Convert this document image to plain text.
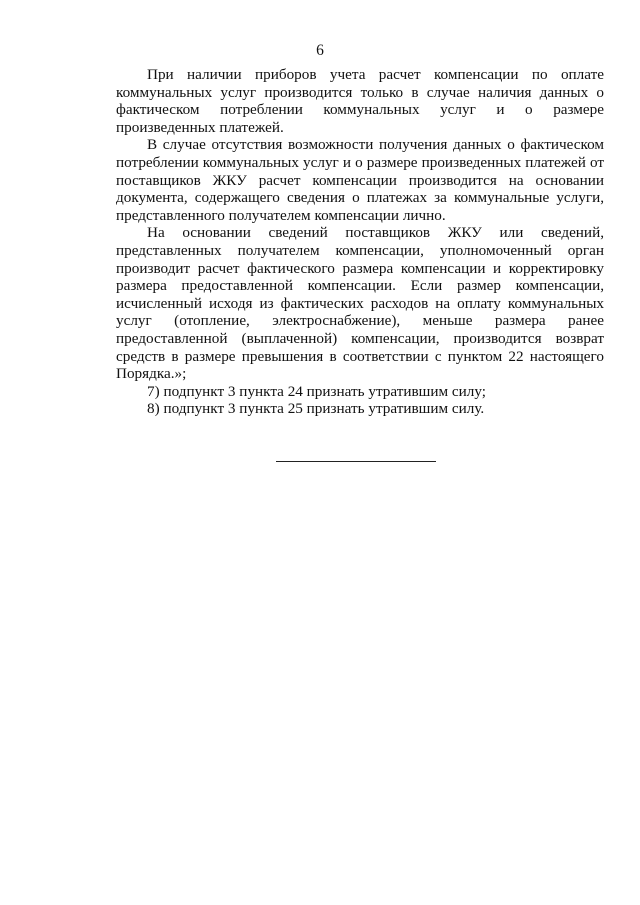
6

При наличии приборов учета расчет компенсации по оплате коммунальных услуг производится только в случае наличия данных о фактическом потреблении коммунальных услуг и о размере произведенных платежей.

В случае отсутствия возможности получения данных о фактическом потреблении коммунальных услуг и о размере произведенных платежей от поставщиков ЖКУ расчет компенсации производится на основании документа, содержащего сведения о платежах за коммунальные услуги, представленного получателем компенсации лично.

На основании сведений поставщиков ЖКУ или сведений, представленных получателем компенсации, уполномоченный орган производит расчет фактического размера компенсации и корректировку размера предоставленной компенсации. Если размер компенсации, исчисленный исходя из фактических расходов на оплату коммунальных услуг (отопление, электроснабжение), меньше размера ранее предоставленной (выплаченной) компенсации, производится возврат средств в размере превышения в соответствии с пунктом 22 настоящего Порядка.»;

7) подпункт 3 пункта 24 признать утратившим силу;

8) подпункт 3 пункта 25 признать утратившим силу.
